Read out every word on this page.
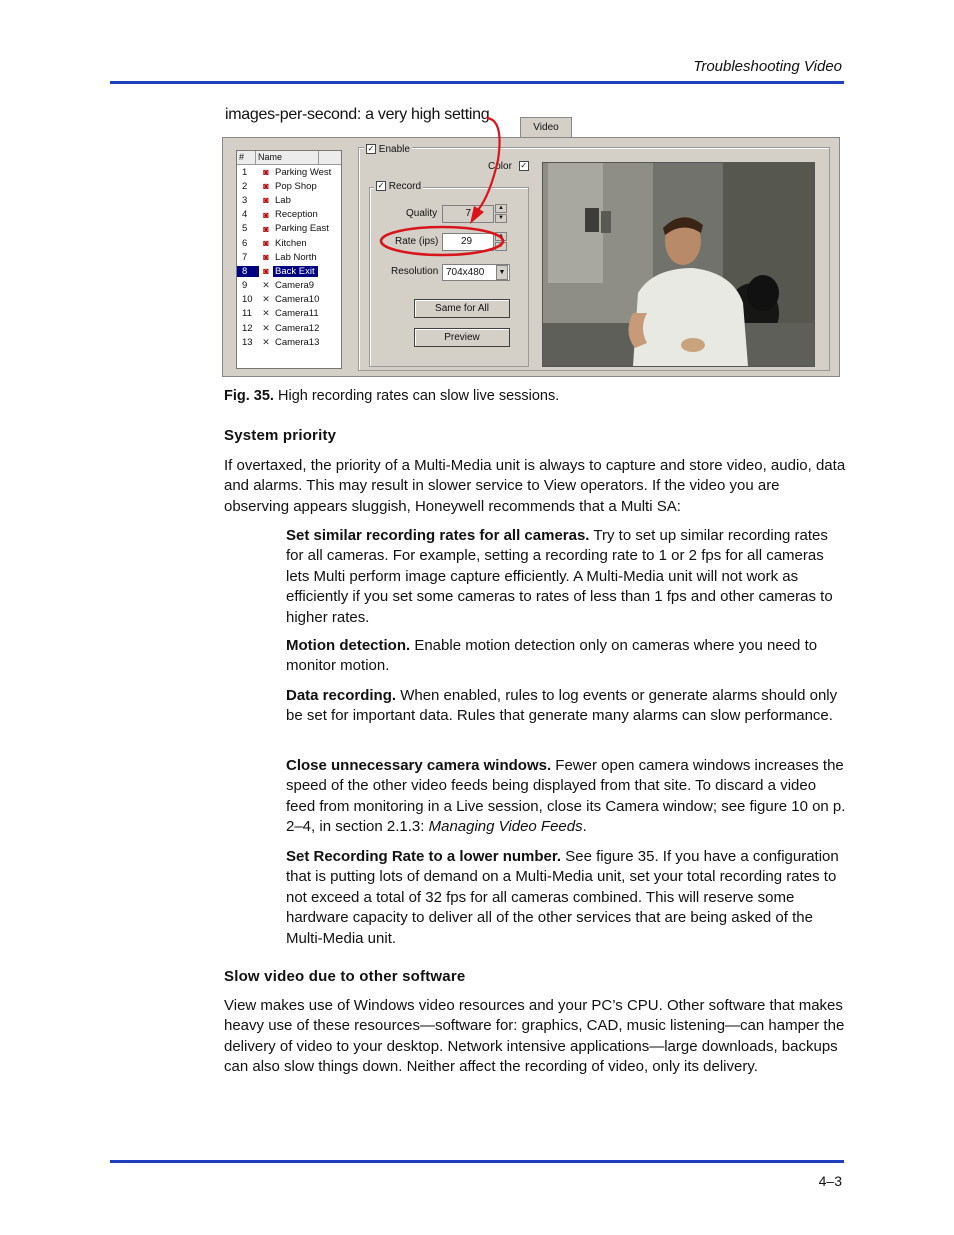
Troubleshooting Video
images-per-second: a very high setting
Video
#	Name
1	◙ Parking West
2	◙ Pop Shop
3	◙ Lab
4	◙ Reception
5	◙ Parking East
6	◙ Kitchen
7	◙ Lab North
8	◙ Back Exit
9	✕ Camera9
10	✕ Camera10
11	✕ Camera11
12	✕ Camera12
13	✕ Camera13
✓ Enable
✓ Record
Color ✓
Quality	7	▲
▼
Rate (ips)	29	▲
▼
Resolution 704x480	▼
Same for All
Preview
Fig. 35. High recording rates can slow live sessions.
System priority
If overtaxed, the priority of a Multi-Media unit is always to capture and store video, audio, data and alarms. This may result in slower service to View operators. If the video you are observing appears sluggish, Honeywell recommends that a Multi SA:
Set similar recording rates for all cameras. Try to set up similar recording rates for all cameras. For example, setting a recording rate to 1 or 2 fps for all cameras lets Multi perform image capture efficiently. A Multi-Media unit will not work as efficiently if you set some cameras to rates of less than 1 fps and other cameras to higher rates.
Motion detection. Enable motion detection only on cameras where you need to monitor motion.
Data recording. When enabled, rules to log events or generate alarms should only be set for important data. Rules that generate many alarms can slow performance.
Close unnecessary camera windows. Fewer open camera windows increases the speed of the other video feeds being displayed from that site. To discard a video feed from monitoring in a Live session, close its Camera window; see figure 10 on p. 2–4, in section 2.1.3: Managing Video Feeds.
Set Recording Rate to a lower number. See figure 35. If you have a configuration that is putting lots of demand on a Multi-Media unit, set your total recording rates to not exceed a total of 32 fps for all cameras combined. This will reserve some hardware capacity to deliver all of the other services that are being asked of the Multi-Media unit.
Slow video due to other software
View makes use of Windows video resources and your PC’s CPU. Other software that makes heavy use of these resources—software for: graphics, CAD, music listening—can hamper the delivery of video to your desktop. Network intensive applications—large downloads, backups can also slow things down. Neither affect the recording of video, only its delivery.
4–3
